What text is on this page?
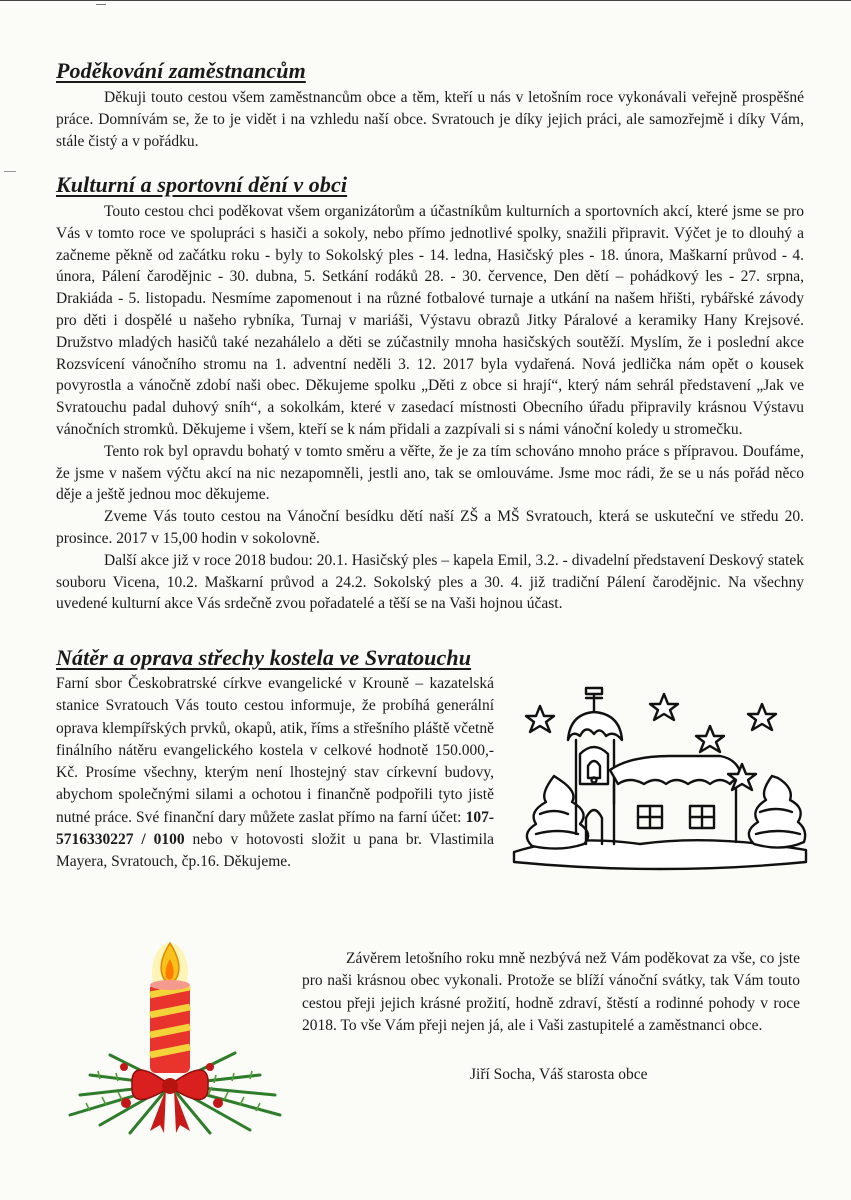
Poděkování zaměstnancům

Děkuji touto cestou všem zaměstnancům obce a těm, kteří u nás v letošním roce vykonávali veřejně prospěšné práce. Domnívám se, že to je vidět i na vzhledu naší obce. Svratouch je díky jejich práci, ale samozřejmě i díky Vám, stále čistý a v pořádku.

Kulturní a sportovní dění v obci

Touto cestou chci poděkovat všem organizátorům a účastníkům kulturních a sportovních akcí, které jsme se pro Vás v tomto roce ve spolupráci s hasiči a sokoly, nebo přímo jednotlivé spolky, snažili připravit. Výčet je to dlouhý a začneme pěkně od začátku roku - byly to Sokolský ples - 14. ledna, Hasičský ples - 18. února, Maškarní průvod - 4. února, Pálení čarodějnic - 30. dubna, 5. Setkání rodáků 28. - 30. července, Den dětí – pohádkový les - 27. srpna, Drakiáda - 5. listopadu. Nesmíme zapomenout i na různé fotbalové turnaje a utkání na našem hřišti, rybářské závody pro děti i dospělé u našeho rybníka, Turnaj v mariáši, Výstavu obrazů Jitky Páralové a keramiky Hany Krejsové. Družstvo mladých hasičů také nezahálelo a děti se zúčastnily mnoha hasičských soutěží. Myslím, že i poslední akce Rozsvícení vánočního stromu na 1. adventní neděli 3. 12. 2017 byla vydařená. Nová jedlička nám opět o kousek povyrostla a vánočně zdobí naši obec. Děkujeme spolku „Děti z obce si hrají“, který nám sehrál představení „Jak ve Svratouchu padal duhový sníh“, a sokolkám, které v zasedací místnosti Obecního úřadu připravily krásnou Výstavu vánočních stromků. Děkujeme i všem, kteří se k nám přidali a zazpívali si s námi vánoční koledy u stromečku.

Tento rok byl opravdu bohatý v tomto směru a věřte, že je za tím schováno mnoho práce s přípravou. Doufáme, že jsme v našem výčtu akcí na nic nezapomněli, jestli ano, tak se omlouváme. Jsme moc rádi, že se u nás pořád něco děje a ještě jednou moc děkujeme.

Zveme Vás touto cestou na Vánoční besídku dětí naší ZŠ a MŠ Svratouch, která se uskuteční ve středu 20. prosince. 2017 v 15,00 hodin v sokolovně.

Další akce již v roce 2018 budou: 20.1. Hasičský ples – kapela Emil, 3.2. - divadelní představení Deskový statek souboru Vicena, 10.2. Maškarní průvod a 24.2. Sokolský ples a 30. 4. již tradiční Pálení čarodějnic. Na všechny uvedené kulturní akce Vás srdečně zvou pořadatelé a těší se na Vaši hojnou účast.

Nátěr a oprava střechy kostela ve Svratouchu

Farní sbor Českobratrské církve evangelické v Krouně – kazatelská stanice Svratouch Vás touto cestou informuje, že probíhá generální oprava klempířských prvků, okapů, atik, říms a střešního pláště včetně finálního nátěru evangelického kostela v celkové hodnotě 150.000,- Kč. Prosíme všechny, kterým není lhostejný stav církevní budovy, abychom společnými silami a ochotou i finančně podpořili tyto jistě nutné práce. Své finanční dary můžete zaslat přímo na farní účet: 107-5716330227 / 0100 nebo v hotovosti složit u pana br. Vlastimila Mayera, Svratouch, čp.16. Děkujeme.

Závěrem letošního roku mně nezbývá než Vám poděkovat za vše, co jste pro naši krásnou obec vykonali. Protože se blíží vánoční svátky, tak Vám touto cestou přeji jejich krásné prožití, hodně zdraví, štěstí a rodinné pohody v roce 2018. To vše Vám přeji nejen já, ale i Vaši zastupitelé a zaměstnanci obce.

Jiří Socha, Váš starosta obce
